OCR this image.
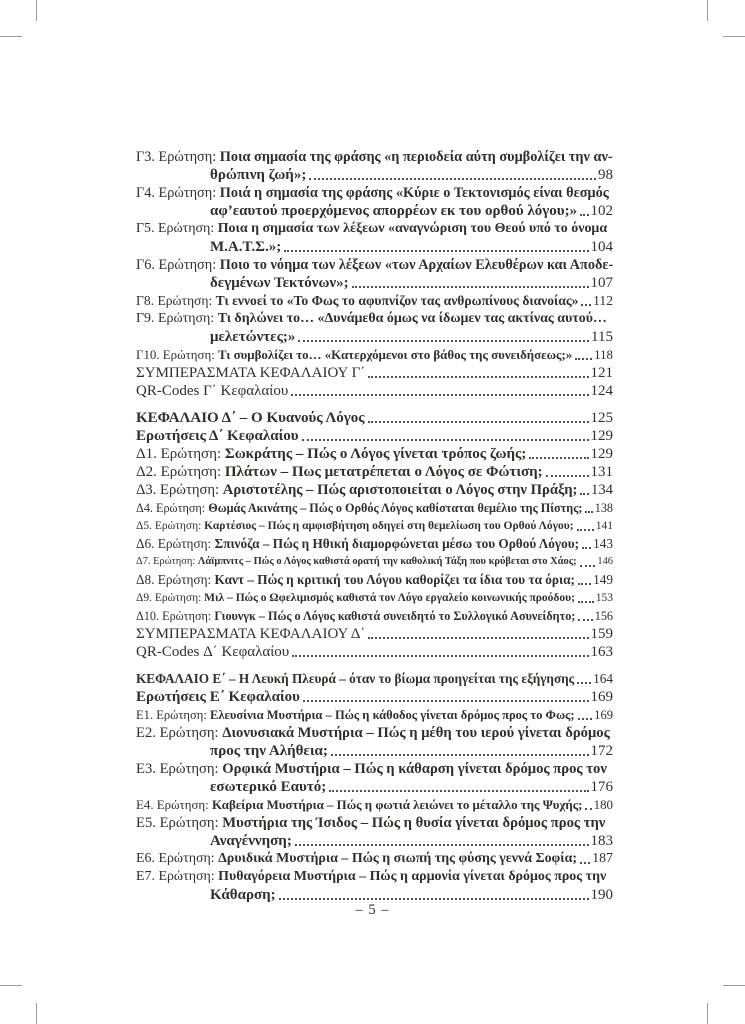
Γ3. Ερώτηση: Ποια σημασία της φράσης «η περιοδεία αύτη συμβολίζει την αν-
θρώπινη ζωή»;	98
Γ4. Ερώτηση: Ποιά η σημασία της φράσης «Κύριε ο Τεκτονισμός είναι θεσμός
αφ’εαυτού προερχόμενος απορρέων εκ του ορθού λόγου;» 102
Γ5. Ερώτηση: Ποια η σημασία των λέξεων «αναγνώριση του Θεού υπό το όνομα
Μ.Α.Τ.Σ.»;	104
Γ6. Ερώτηση: Ποιο το νόημα των λέξεων «των Αρχαίων Ελευθέρων και Αποδε-
δεγμένων Τεκτόνων»;	107
Γ8. Ερώτηση: Τι εννοεί το «Το Φως το αφυπνίζον τας ανθρωπίνους διανοίας» 112
Γ9. Ερώτηση: Τι δηλώνει το… «Δυνάμεθα όμως να ίδωμεν τας ακτίνας αυτού…
μελετώντες;»	115
Γ10. Ερώτηση: Τι συμβολίζει το… «Κατερχόμενοι στο βάθος της συνειδήσεως;» 118
ΣΥΜΠΕΡΑΣΜΑΤΑ ΚΕΦΑΛΑΙΟΥ Γ΄	121
QR-Codes Γ΄ Κεφαλαίου	124
ΚΕΦΑΛΑΙΟ Δ΄ – Ο Κυανούς Λόγος	125
Ερωτήσεις Δ΄ Κεφαλαίου	129
Δ1. Ερώτηση: Σωκράτης – Πώς ο Λόγος γίνεται τρόπος ζωής;	129
Δ2. Ερώτηση: Πλάτων – Πως μετατρέπεται ο Λόγος σε Φώτιση;	131
Δ3. Ερώτηση: Αριστοτέλης – Πώς αριστοποιείται ο Λόγος στην Πράξη; 134
Δ4. Ερώτηση: Θωμάς Ακινάτης – Πώς ο Ορθός Λόγος καθίσταται θεμέλιο της Πίστης; 138
Δ5. Ερώτηση: Καρτέσιος – Πώς η αμφισβήτηση οδηγεί στη θεμελίωση του Ορθού Λόγου; 141
Δ6. Ερώτηση: Σπινόζα – Πώς η Ηθική διαμορφώνεται μέσω του Ορθού Λόγου; 143
Δ7. Ερώτηση: Λάϊμπνιτς – Πώς ο Λόγος καθιστά ορατή την καθολική Τάξη που κρύβεται στο Χάος; 146
Δ8. Ερώτηση: Καντ – Πώς η κριτική του Λόγου καθορίζει τα ίδια του τα όρια; 149
Δ9. Ερώτηση: Μιλ – Πώς ο Ωφελιμισμός καθιστά τον Λόγο εργαλείο κοινωνικής προόδου; 153
Δ10. Ερώτηση: Γιουνγκ – Πώς ο Λόγος καθιστά συνειδητό το Συλλογικό Ασυνείδητο; 156
ΣΥΜΠΕΡΑΣΜΑΤΑ ΚΕΦΑΛΑΙΟΥ Δ΄	159
QR-Codes Δ΄ Κεφαλαίου	163
ΚΕΦΑΛΑΙΟ Ε΄ – Η Λευκή Πλευρά – όταν το βίωμα προηγείται της εξήγησης 164
Ερωτήσεις Ε΄ Κεφαλαίου	169
Ε1. Ερώτηση: Ελευσίνια Μυστήρια – Πώς η κάθοδος γίνεται δρόμος προς το Φως; 169
Ε2. Ερώτηση: Διονυσιακά Μυστήρια – Πώς η μέθη του ιερού γίνεται δρόμος
προς την Αλήθεια;	172
Ε3. Ερώτηση: Ορφικά Μυστήρια – Πώς η κάθαρση γίνεται δρόμος προς τον
εσωτερικό Εαυτό;	176
Ε4. Ερώτηση: Καβείρια Μυστήρια – Πώς η φωτιά λειώνει το μέταλλο της Ψυχής; 180
Ε5. Ερώτηση: Μυστήρια της Ίσιδος – Πώς η θυσία γίνεται δρόμος προς την
Αναγέννηση;	183
Ε6. Ερώτηση: Δρυιδικά Μυστήρια – Πώς η σιωπή της φύσης γεννά Σοφία; 187
Ε7. Ερώτηση: Πυθαγόρεια Μυστήρια – Πώς η αρμονία γίνεται δρόμος προς την
Κάθαρση;	190
– 5 –
